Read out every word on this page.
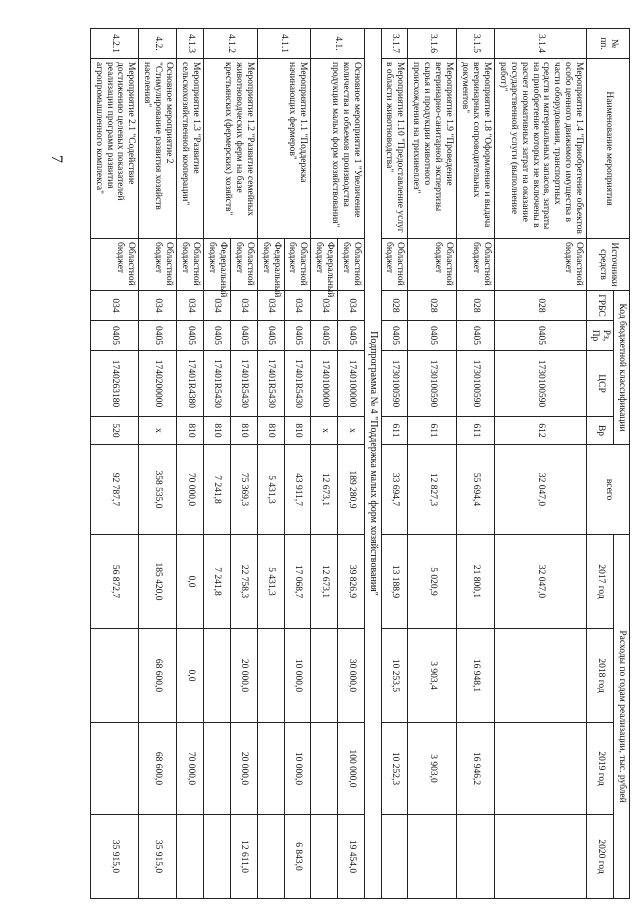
7
№ пп.	Наименование мероприятия	Источники средств	Код бюджетной классификации				всего	Расходы по годам реализации, тыс. рублей			
			ГРБС	Рз, Пр	ЦСР	Вр		2017 год	2018 год	2019 год	2020 год
3.1.4	Мероприятие 1.4 "Приобретение объектов особо ценного движимого имущества в части оборудования, транспортных средств и материальных запасов, затраты на приобретение которых не включены в расчет нормативных затрат на оказание государственной услуги (выполнение работ)"	Областной бюджет	028	0405	1730100590	612	32 047,0	32 047,0			
3.1.5	Мероприятие 1.8 "Оформление и выдача ветеринарных сопроводительных документов"	Областной бюджет	028	0405	1730100590	611	55 694,4	21 800,1	16 948,1	16 946,2	
3.1.6	Мероприятие 1.9 "Проведение ветеринарно-санитарной экспертизы сырья и продукции животного происхождения на трихинеллез"	Областной бюджет	028	0405	1730100590	611	12 827,3	5 020,9	3 903,4	3 903,0	
3.1.7	Мероприятие 1.10 "Предоставление услуг в области животноводства"	Областной бюджет	028	0405	1730100590	611	33 694,7	13 188,9	10 253,5	10 252,3	
Подпрограмма № 4 "Поддержка малых форм хозяйствования"											
4.1.	Основное мероприятие 1 "Увеличение количества и объемов производства продукции малых форм хозяйствования"	Областной бюджет	034	0405	1740100000	х	189 280,9	39 826,9	30 000,0	100 000,0	19 454,0
		Федеральный бюджет	034	0405	1740100000	х	12 673,1	12 673,1			
4.1.1	Мероприятие 1.1 "Поддержка начинающих фермеров"	Областной бюджет	034	0405	17401R5430	810	43 911,7	17 068,7	10 000,0	10 000,0	6 843,0
		Федеральный бюджет	034	0405	17401R5430	810	5 431,3	5 431,3			
4.1.2	Мероприятие 1.2 "Развитие семейных животноводческих ферм на базе крестьянских (фермерских) хозяйств"	Областной бюджет	034	0405	17401R5430	810	75 369,3	22 758,3	20 000,0	20 000,0	12 611,0
		Федеральный бюджет	034	0405	17401R5430	810	7 241,8	7 241,8			
4.1.3	Мероприятие 1.3 "Развитие сельскохозяйственной кооперации"	Областной бюджет	034	0405	17401R4380	810	70 000,0	0,0	0,0	70 000,0	
4.2.	Основное мероприятие 2 "Стимулирование развития хозяйств населения"	Областной бюджет	034	0405	1740200000	х	358 535,0	185 420,0	68 600,0	68 600,0	35 915,0
4.2.1	Мероприятие 2.1 "Содействие достижению целевых показателей реализации программ развития агропромышленного комплекса"	Областной бюджет	034	0405	1740263180	520	92 787,7	56 872,7			35 915,0
